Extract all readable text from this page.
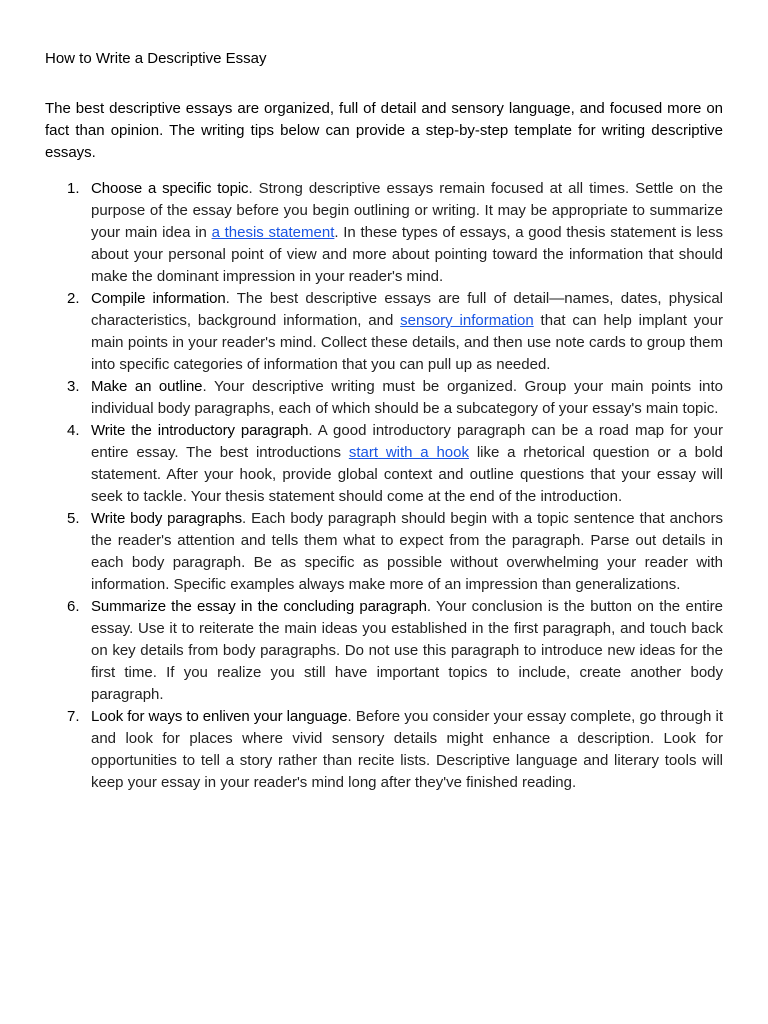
How to Write a Descriptive Essay

The best descriptive essays are organized, full of detail and sensory language, and focused more on fact than opinion. The writing tips below can provide a step-by-step template for writing descriptive essays.

1. Choose a specific topic. Strong descriptive essays remain focused at all times. Settle on the purpose of the essay before you begin outlining or writing. It may be appropriate to summarize your main idea in a thesis statement. In these types of essays, a good thesis statement is less about your personal point of view and more about pointing toward the information that should make the dominant impression in your reader's mind.
2. Compile information. The best descriptive essays are full of detail—names, dates, physical characteristics, background information, and sensory information that can help implant your main points in your reader's mind. Collect these details, and then use note cards to group them into specific categories of information that you can pull up as needed.
3. Make an outline. Your descriptive writing must be organized. Group your main points into individual body paragraphs, each of which should be a subcategory of your essay's main topic.
4. Write the introductory paragraph. A good introductory paragraph can be a road map for your entire essay. The best introductions start with a hook like a rhetorical question or a bold statement. After your hook, provide global context and outline questions that your essay will seek to tackle. Your thesis statement should come at the end of the introduction.
5. Write body paragraphs. Each body paragraph should begin with a topic sentence that anchors the reader's attention and tells them what to expect from the paragraph. Parse out details in each body paragraph. Be as specific as possible without overwhelming your reader with information. Specific examples always make more of an impression than generalizations.
6. Summarize the essay in the concluding paragraph. Your conclusion is the button on the entire essay. Use it to reiterate the main ideas you established in the first paragraph, and touch back on key details from body paragraphs. Do not use this paragraph to introduce new ideas for the first time. If you realize you still have important topics to include, create another body paragraph.
7. Look for ways to enliven your language. Before you consider your essay complete, go through it and look for places where vivid sensory details might enhance a description. Look for opportunities to tell a story rather than recite lists. Descriptive language and literary tools will keep your essay in your reader's mind long after they've finished reading.
